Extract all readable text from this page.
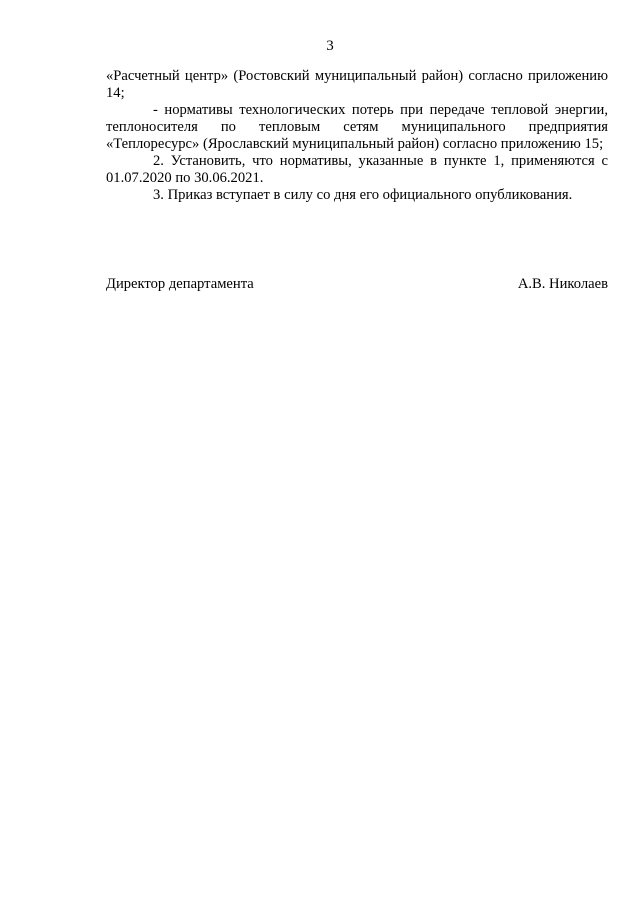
3

«Расчетный центр» (Ростовский муниципальный район) согласно приложению 14;

- нормативы технологических потерь при передаче тепловой энергии, теплоносителя по тепловым сетям муниципального предприятия «Теплоресурс» (Ярославский муниципальный район) согласно приложению 15;

2. Установить, что нормативы, указанные в пункте 1, применяются с 01.07.2020 по 30.06.2021.

3. Приказ вступает в силу со дня его официального опубликования.

Директор департамента	А.В. Николаев
